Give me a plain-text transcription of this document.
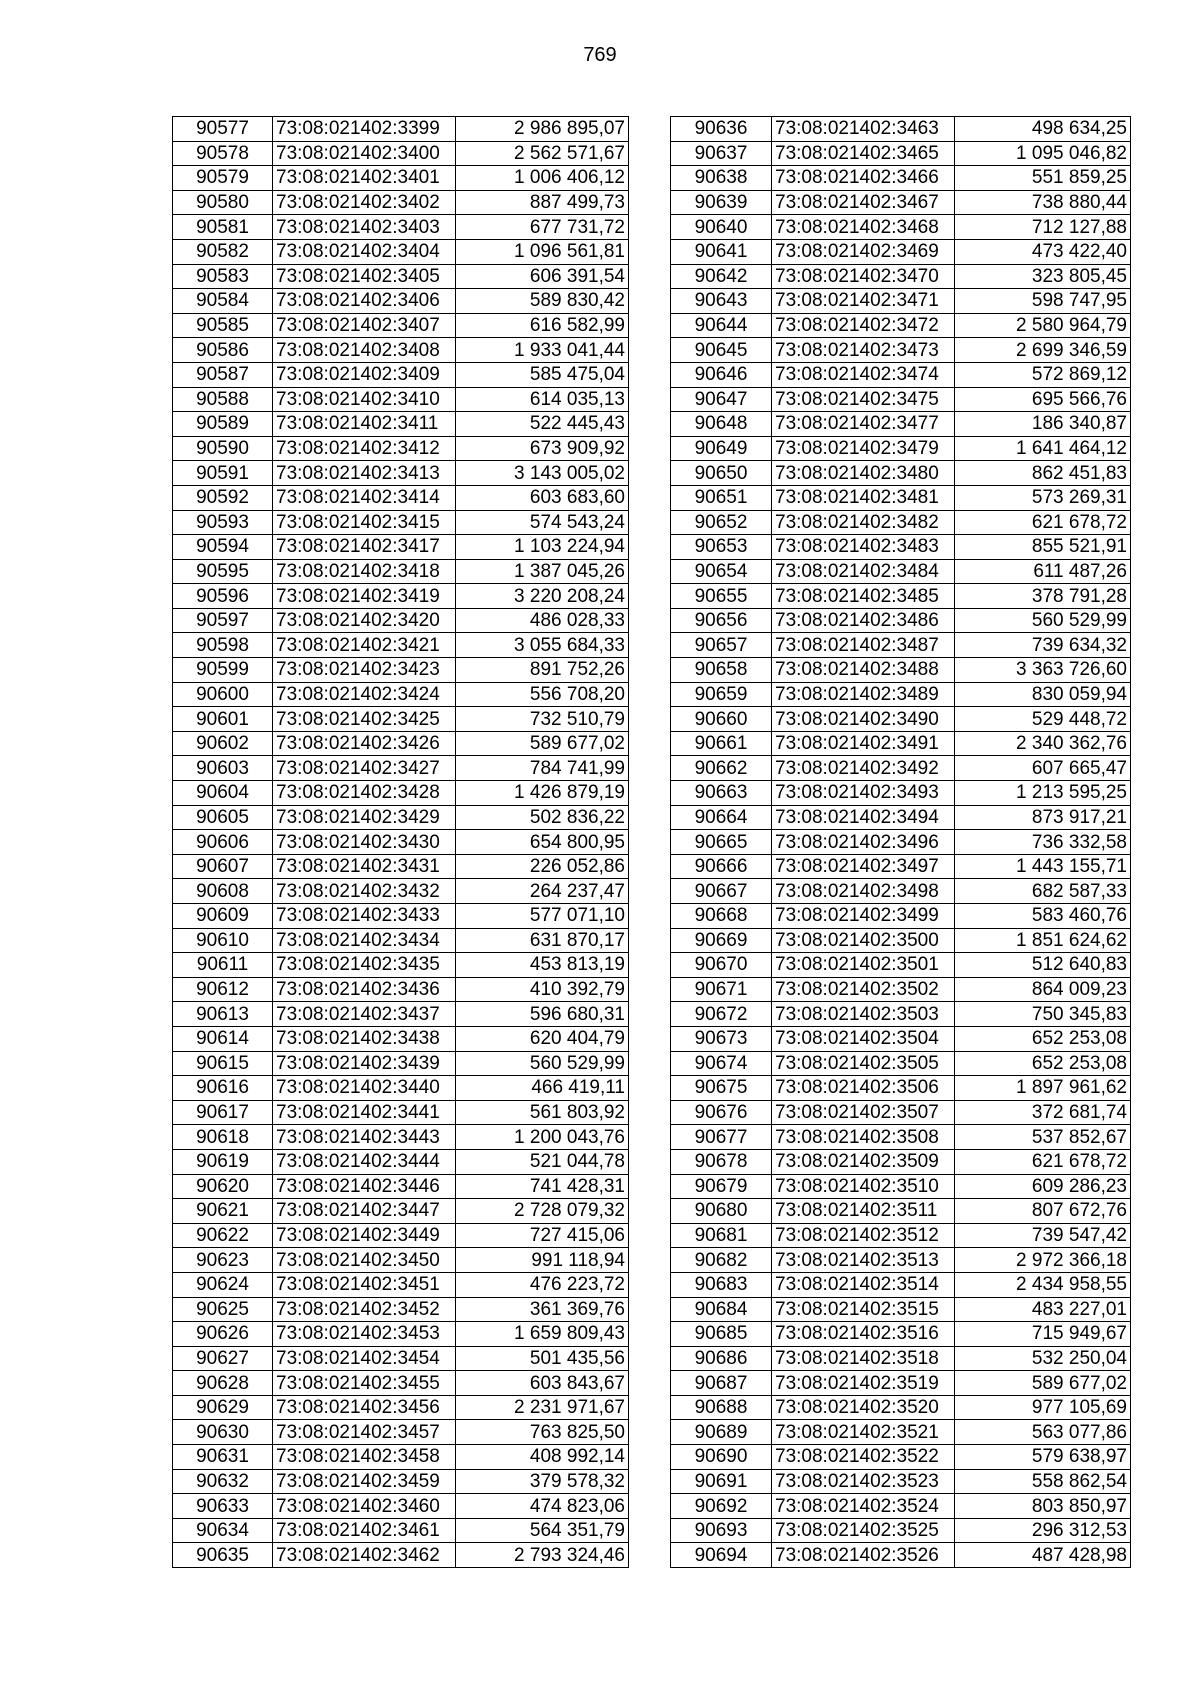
769
90577	73:08:021402:3399	2 986 895,07
90578	73:08:021402:3400	2 562 571,67
90579	73:08:021402:3401	1 006 406,12
90580	73:08:021402:3402	887 499,73
90581	73:08:021402:3403	677 731,72
90582	73:08:021402:3404	1 096 561,81
90583	73:08:021402:3405	606 391,54
90584	73:08:021402:3406	589 830,42
90585	73:08:021402:3407	616 582,99
90586	73:08:021402:3408	1 933 041,44
90587	73:08:021402:3409	585 475,04
90588	73:08:021402:3410	614 035,13
90589	73:08:021402:3411	522 445,43
90590	73:08:021402:3412	673 909,92
90591	73:08:021402:3413	3 143 005,02
90592	73:08:021402:3414	603 683,60
90593	73:08:021402:3415	574 543,24
90594	73:08:021402:3417	1 103 224,94
90595	73:08:021402:3418	1 387 045,26
90596	73:08:021402:3419	3 220 208,24
90597	73:08:021402:3420	486 028,33
90598	73:08:021402:3421	3 055 684,33
90599	73:08:021402:3423	891 752,26
90600	73:08:021402:3424	556 708,20
90601	73:08:021402:3425	732 510,79
90602	73:08:021402:3426	589 677,02
90603	73:08:021402:3427	784 741,99
90604	73:08:021402:3428	1 426 879,19
90605	73:08:021402:3429	502 836,22
90606	73:08:021402:3430	654 800,95
90607	73:08:021402:3431	226 052,86
90608	73:08:021402:3432	264 237,47
90609	73:08:021402:3433	577 071,10
90610	73:08:021402:3434	631 870,17
90611	73:08:021402:3435	453 813,19
90612	73:08:021402:3436	410 392,79
90613	73:08:021402:3437	596 680,31
90614	73:08:021402:3438	620 404,79
90615	73:08:021402:3439	560 529,99
90616	73:08:021402:3440	466 419,11
90617	73:08:021402:3441	561 803,92
90618	73:08:021402:3443	1 200 043,76
90619	73:08:021402:3444	521 044,78
90620	73:08:021402:3446	741 428,31
90621	73:08:021402:3447	2 728 079,32
90622	73:08:021402:3449	727 415,06
90623	73:08:021402:3450	991 118,94
90624	73:08:021402:3451	476 223,72
90625	73:08:021402:3452	361 369,76
90626	73:08:021402:3453	1 659 809,43
90627	73:08:021402:3454	501 435,56
90628	73:08:021402:3455	603 843,67
90629	73:08:021402:3456	2 231 971,67
90630	73:08:021402:3457	763 825,50
90631	73:08:021402:3458	408 992,14
90632	73:08:021402:3459	379 578,32
90633	73:08:021402:3460	474 823,06
90634	73:08:021402:3461	564 351,79
90635	73:08:021402:3462	2 793 324,46
90636	73:08:021402:3463	498 634,25
90637	73:08:021402:3465	1 095 046,82
90638	73:08:021402:3466	551 859,25
90639	73:08:021402:3467	738 880,44
90640	73:08:021402:3468	712 127,88
90641	73:08:021402:3469	473 422,40
90642	73:08:021402:3470	323 805,45
90643	73:08:021402:3471	598 747,95
90644	73:08:021402:3472	2 580 964,79
90645	73:08:021402:3473	2 699 346,59
90646	73:08:021402:3474	572 869,12
90647	73:08:021402:3475	695 566,76
90648	73:08:021402:3477	186 340,87
90649	73:08:021402:3479	1 641 464,12
90650	73:08:021402:3480	862 451,83
90651	73:08:021402:3481	573 269,31
90652	73:08:021402:3482	621 678,72
90653	73:08:021402:3483	855 521,91
90654	73:08:021402:3484	611 487,26
90655	73:08:021402:3485	378 791,28
90656	73:08:021402:3486	560 529,99
90657	73:08:021402:3487	739 634,32
90658	73:08:021402:3488	3 363 726,60
90659	73:08:021402:3489	830 059,94
90660	73:08:021402:3490	529 448,72
90661	73:08:021402:3491	2 340 362,76
90662	73:08:021402:3492	607 665,47
90663	73:08:021402:3493	1 213 595,25
90664	73:08:021402:3494	873 917,21
90665	73:08:021402:3496	736 332,58
90666	73:08:021402:3497	1 443 155,71
90667	73:08:021402:3498	682 587,33
90668	73:08:021402:3499	583 460,76
90669	73:08:021402:3500	1 851 624,62
90670	73:08:021402:3501	512 640,83
90671	73:08:021402:3502	864 009,23
90672	73:08:021402:3503	750 345,83
90673	73:08:021402:3504	652 253,08
90674	73:08:021402:3505	652 253,08
90675	73:08:021402:3506	1 897 961,62
90676	73:08:021402:3507	372 681,74
90677	73:08:021402:3508	537 852,67
90678	73:08:021402:3509	621 678,72
90679	73:08:021402:3510	609 286,23
90680	73:08:021402:3511	807 672,76
90681	73:08:021402:3512	739 547,42
90682	73:08:021402:3513	2 972 366,18
90683	73:08:021402:3514	2 434 958,55
90684	73:08:021402:3515	483 227,01
90685	73:08:021402:3516	715 949,67
90686	73:08:021402:3518	532 250,04
90687	73:08:021402:3519	589 677,02
90688	73:08:021402:3520	977 105,69
90689	73:08:021402:3521	563 077,86
90690	73:08:021402:3522	579 638,97
90691	73:08:021402:3523	558 862,54
90692	73:08:021402:3524	803 850,97
90693	73:08:021402:3525	296 312,53
90694	73:08:021402:3526	487 428,98
